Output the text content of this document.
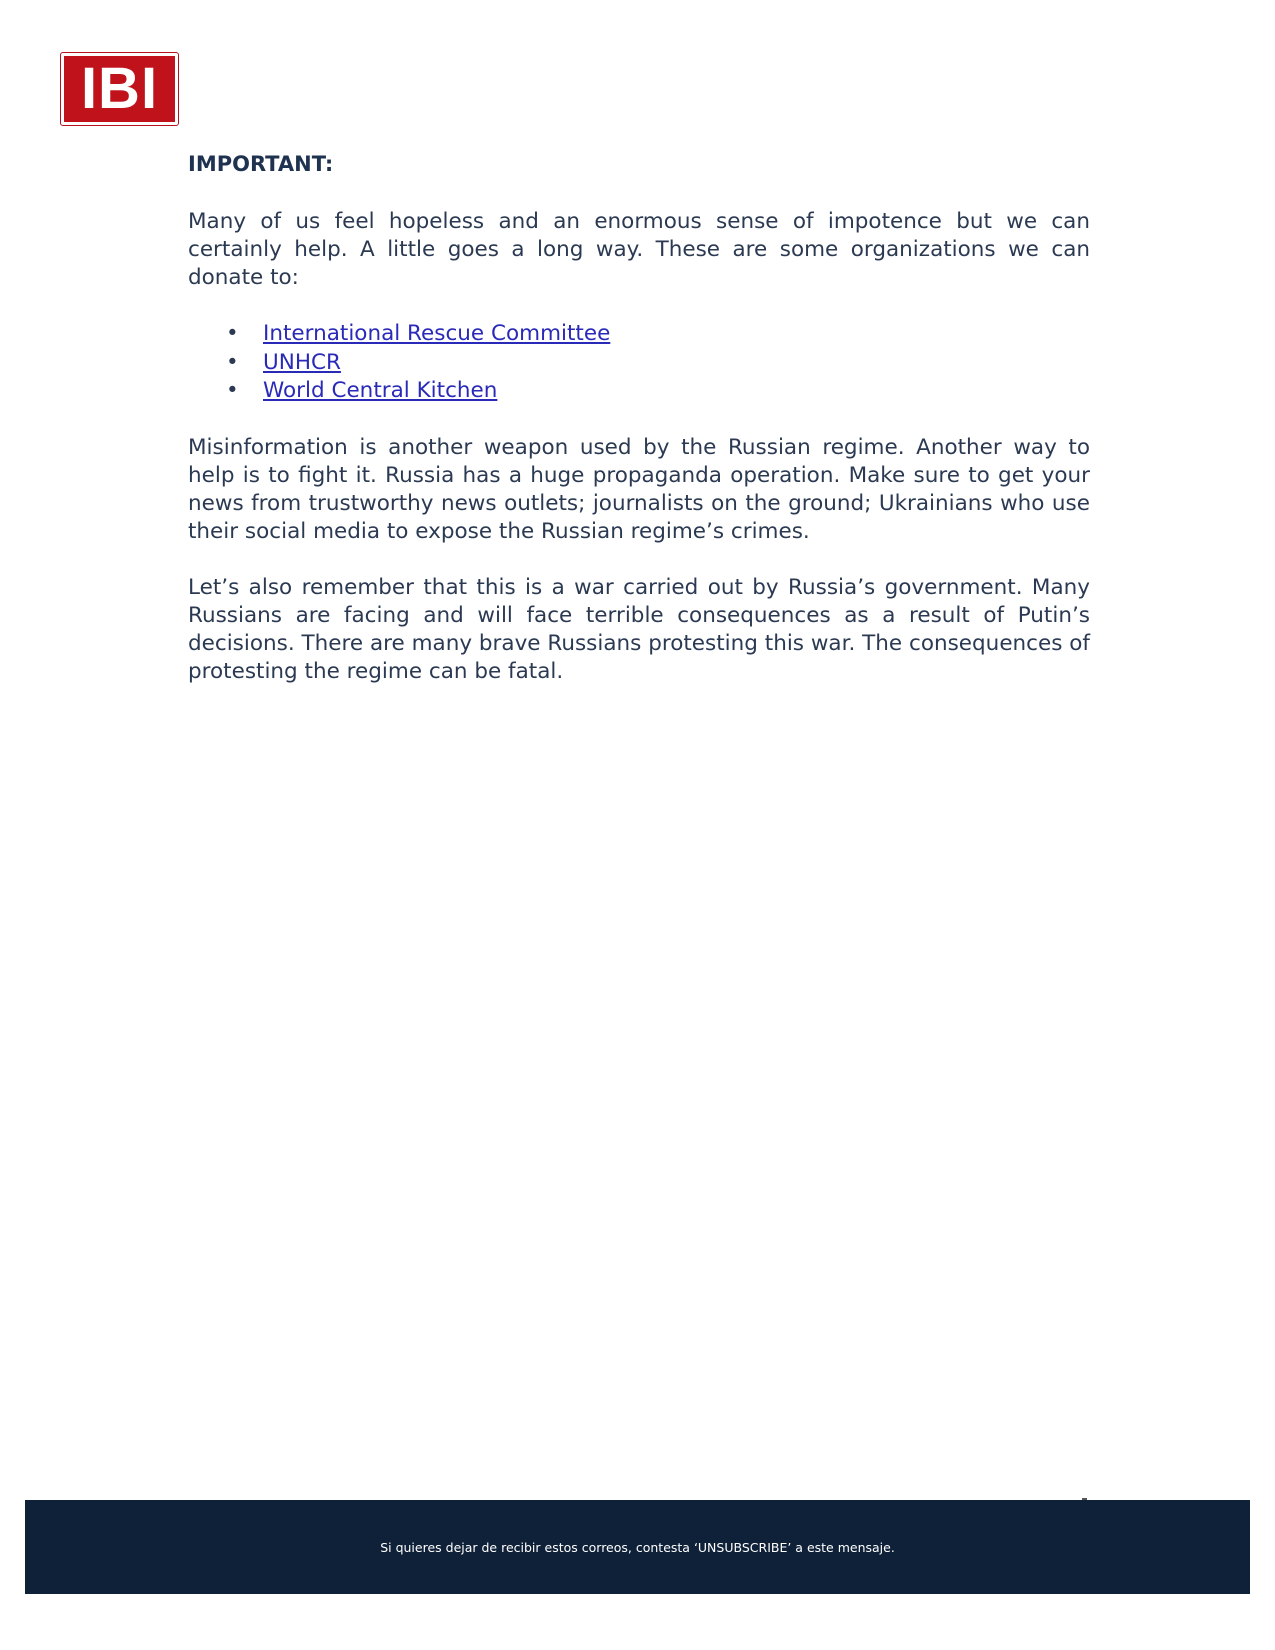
IBI
IMPORTANT:

Many of us feel hopeless and an enormous sense of impotence but we can certainly help. A little goes a long way. These are some organizations we can donate to:

• International Rescue Committee
• UNHCR
• World Central Kitchen

Misinformation is another weapon used by the Russian regime. Another way to help is to fight it. Russia has a huge propaganda operation. Make sure to get your news from trustworthy news outlets; journalists on the ground; Ukrainians who use their social media to expose the Russian regime’s crimes.

Let’s also remember that this is a war carried out by Russia’s government. Many Russians are facing and will face terrible consequences as a result of Putin’s decisions. There are many brave Russians protesting this war. The consequences of protesting the regime can be fatal.

Si quieres dejar de recibir estos correos, contesta ‘UNSUBSCRIBE’ a este mensaje.
